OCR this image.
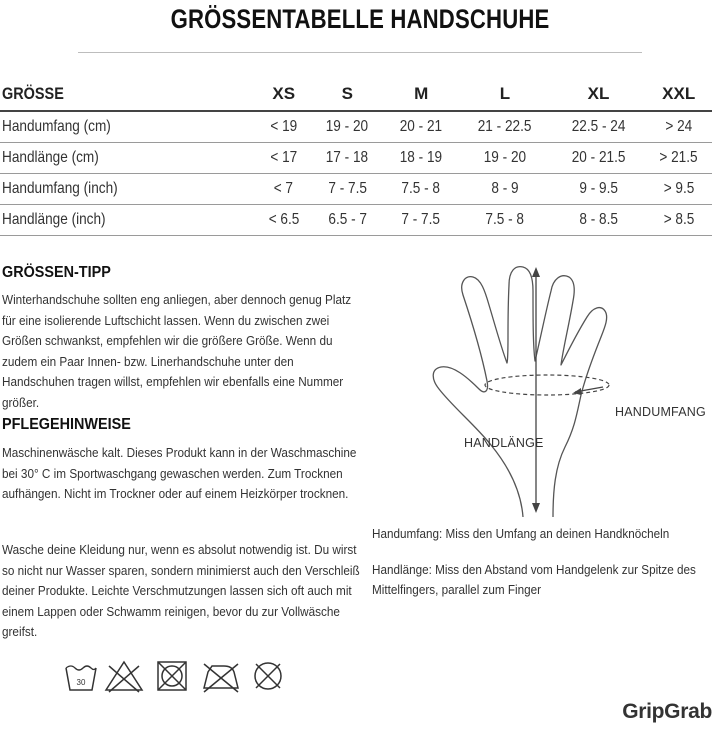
GRÖSSENTABELLE HANDSCHUHE
GRÖSSE	XS	S	M	L	XL	XXL
Handumfang (cm)	< 19	19 - 20	20 - 21	21 - 22.5	22.5 - 24	> 24
Handlänge (cm)	< 17	17 - 18	18 - 19	19 - 20	20 - 21.5	> 21.5
Handumfang (inch)	< 7	7 - 7.5	7.5 - 8	8 - 9	9 - 9.5	> 9.5
Handlänge (inch)	< 6.5	6.5 - 7	7 - 7.5	7.5 - 8	8 - 8.5	> 8.5
GRÖSSEN-TIPP

Winterhandschuhe sollten eng anliegen, aber dennoch genug Platz für eine isolierende Luftschicht lassen. Wenn du zwischen zwei Größen schwankst, empfehlen wir die größere Größe. Wenn du zudem ein Paar Innen- bzw. Linerhandschuhe unter den Handschuhen tragen willst, empfehlen wir ebenfalls eine Nummer größer.

PFLEGEHINWEISE

Maschinenwäsche kalt. Dieses Produkt kann in der Waschmaschine bei 30° C im Sportwaschgang gewaschen werden. Zum Trocknen aufhängen. Nicht im Trockner oder auf einem Heizkörper trocknen.

Wasche deine Kleidung nur, wenn es absolut notwendig ist. Du wirst so nicht nur Wasser sparen, sondern minimierst auch den Verschleiß deiner Produkte. Leichte Verschmutzungen lassen sich oft auch mit einem Lappen oder Schwamm reinigen, bevor du zur Vollwäsche greifst.

HANDUMFANG
HANDLÄNGE
Handumfang: Miss den Umfang an deinen Handknöcheln
Handlänge: Miss den Abstand vom Handgelenk zur Spitze des Mittelfingers, parallel zum Finger
30
GripGrab
